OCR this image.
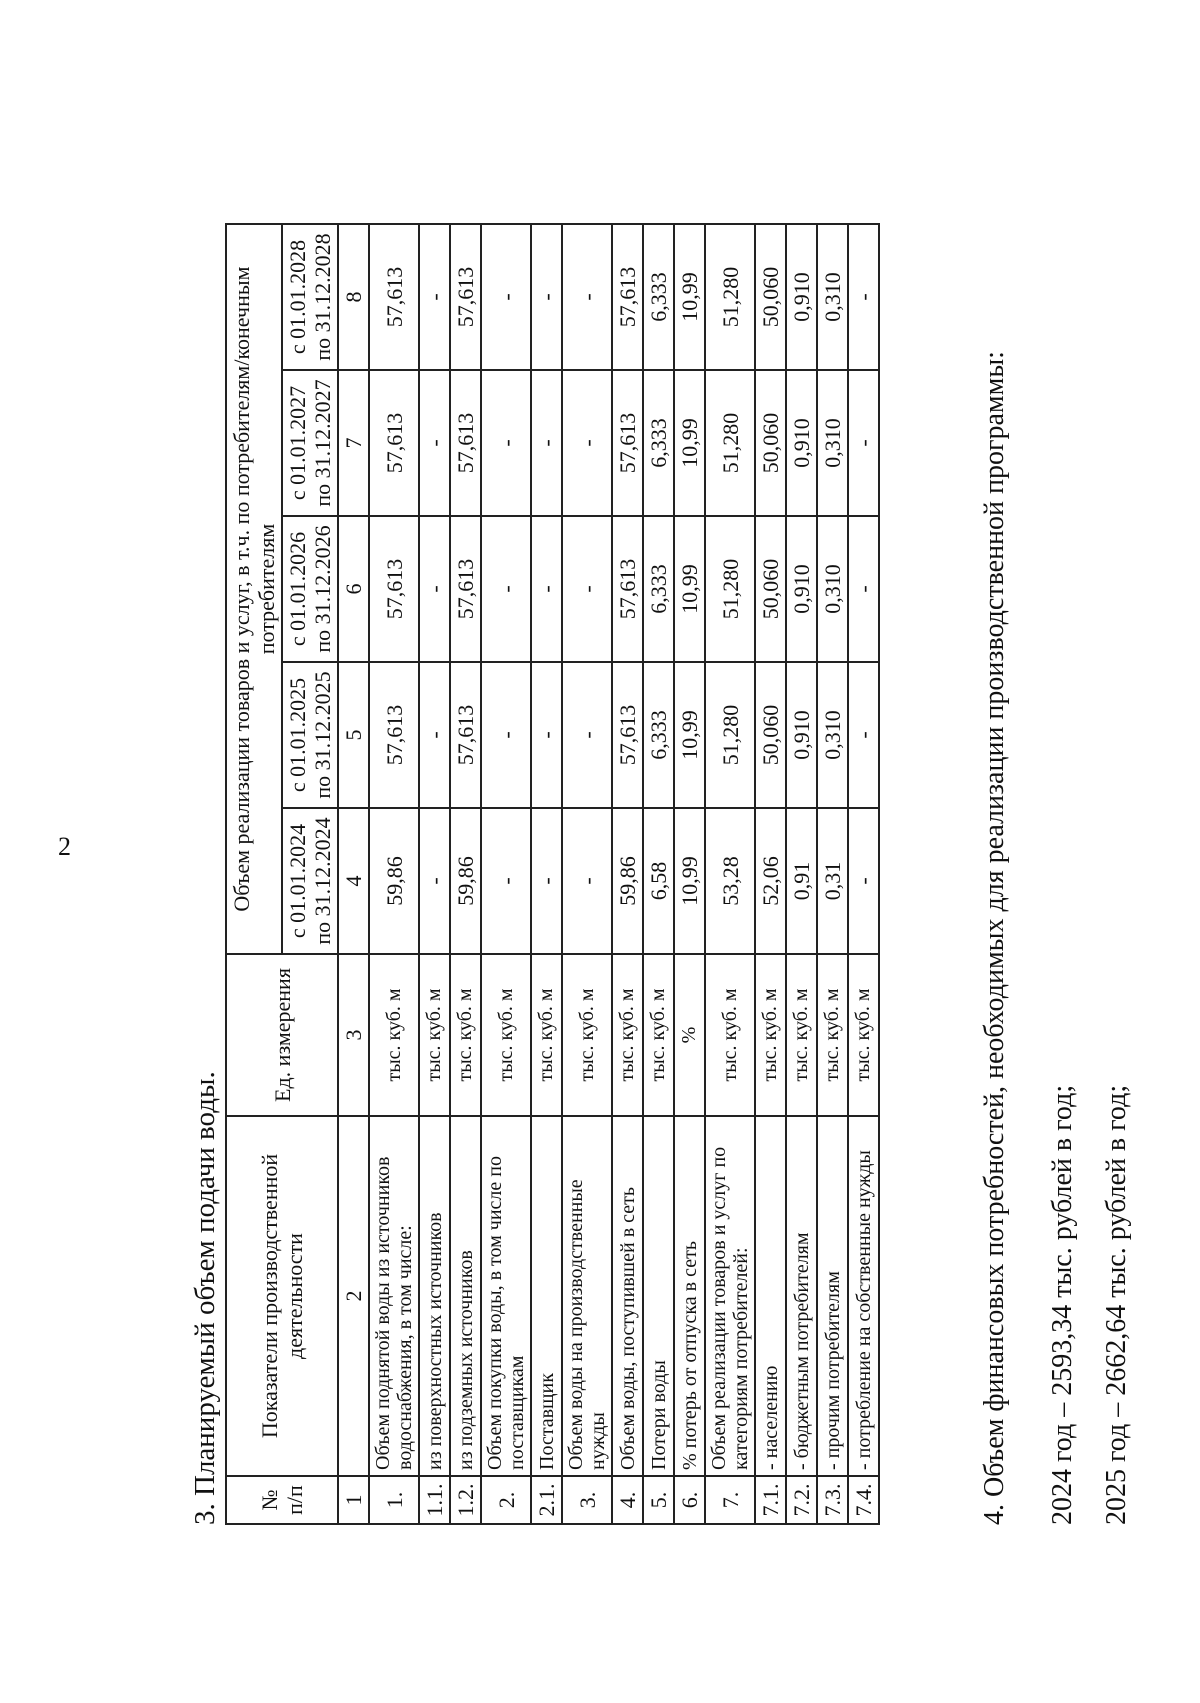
2
3. Планируемый объем подачи воды. № п/п	Показатели производственной деятельности	Ед. измерения	Объем реализации товаров и услуг, в т.ч. по потребителям/конечным потребителям				
			с 01.01.2024 по 31.12.2024	с 01.01.2025 по 31.12.2025	с 01.01.2026 по 31.12.2026	с 01.01.2027 по 31.12.2027	с 01.01.2028 по 31.12.2028
1	2	3	4	5	6	7	8
1.	Объем поднятой воды из источников водоснабжения, в том числе:	тыс. куб. м	59,86	57,613	57,613	57,613	57,613
1.1.	из поверхностных источников	тыс. куб. м	-	-	-	-	-
1.2.	из подземных источников	тыс. куб. м	59,86	57,613	57,613	57,613	57,613
2.	Объем покупки воды, в том числе по поставщикам	тыс. куб. м	-	-	-	-	-
2.1.	Поставщик	тыс. куб. м	-	-	-	-	-
3.	Объем воды на производственные нужды	тыс. куб. м	-	-	-	-	-
4.	Объем воды, поступившей в сеть	тыс. куб. м	59,86	57,613	57,613	57,613	57,613
5.	Потери воды	тыс. куб. м	6,58	6,333	6,333	6,333	6,333
6.	% потерь от отпуска в сеть	%	10,99	10,99	10,99	10,99	10,99
7.	Объем реализации товаров и услуг по категориям потребителей:	тыс. куб. м	53,28	51,280	51,280	51,280	51,280
7.1.	- населению	тыс. куб. м	52,06	50,060	50,060	50,060	50,060
7.2.	- бюджетным потребителям	тыс. куб. м	0,91	0,910	0,910	0,910	0,910
7.3.	- прочим потребителям	тыс. куб. м	0,31	0,310	0,310	0,310	0,310
7.4.	- потребление на собственные нужды	тыс. куб. м	-	-	-	-	-
4. Объем финансовых потребностей, необходимых для реализации производственной программы: 2024 год – 2593,34 тыс. рублей в год; 2025 год – 2662,64 тыс. рублей в год;
